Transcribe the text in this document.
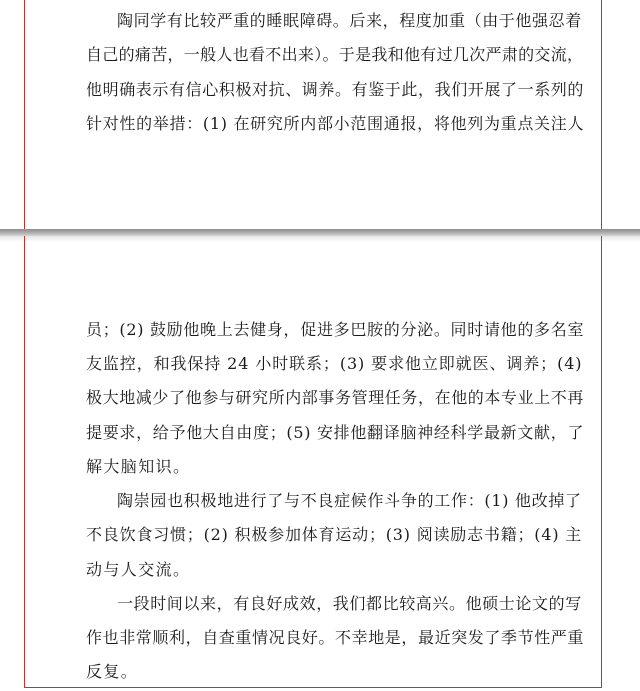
陶同学有比较严重的睡眠障碍。后来，程度加重（由于他强忍着
自己的痛苦，一般人也看不出来）。于是我和他有过几次严肃的交流，
他明确表示有信心积极对抗、调养。有鉴于此，我们开展了一系列的
针对性的举措：(1) 在研究所内部小范围通报，将他列为重点关注人
员；(2) 鼓励他晚上去健身，促进多巴胺的分泌。同时请他的多名室
友监控，和我保持 24 小时联系；(3) 要求他立即就医、调养；(4)
极大地减少了他参与研究所内部事务管理任务，在他的本专业上不再
提要求，给予他大自由度；(5) 安排他翻译脑神经科学最新文献，了
解大脑知识。
陶崇园也积极地进行了与不良症候作斗争的工作：(1) 他改掉了
不良饮食习惯；(2) 积极参加体育运动；(3) 阅读励志书籍；(4) 主
动与人交流。
一段时间以来，有良好成效，我们都比较高兴。他硕士论文的写
作也非常顺利，自查重情况良好。不幸地是，最近突发了季节性严重
反复。
